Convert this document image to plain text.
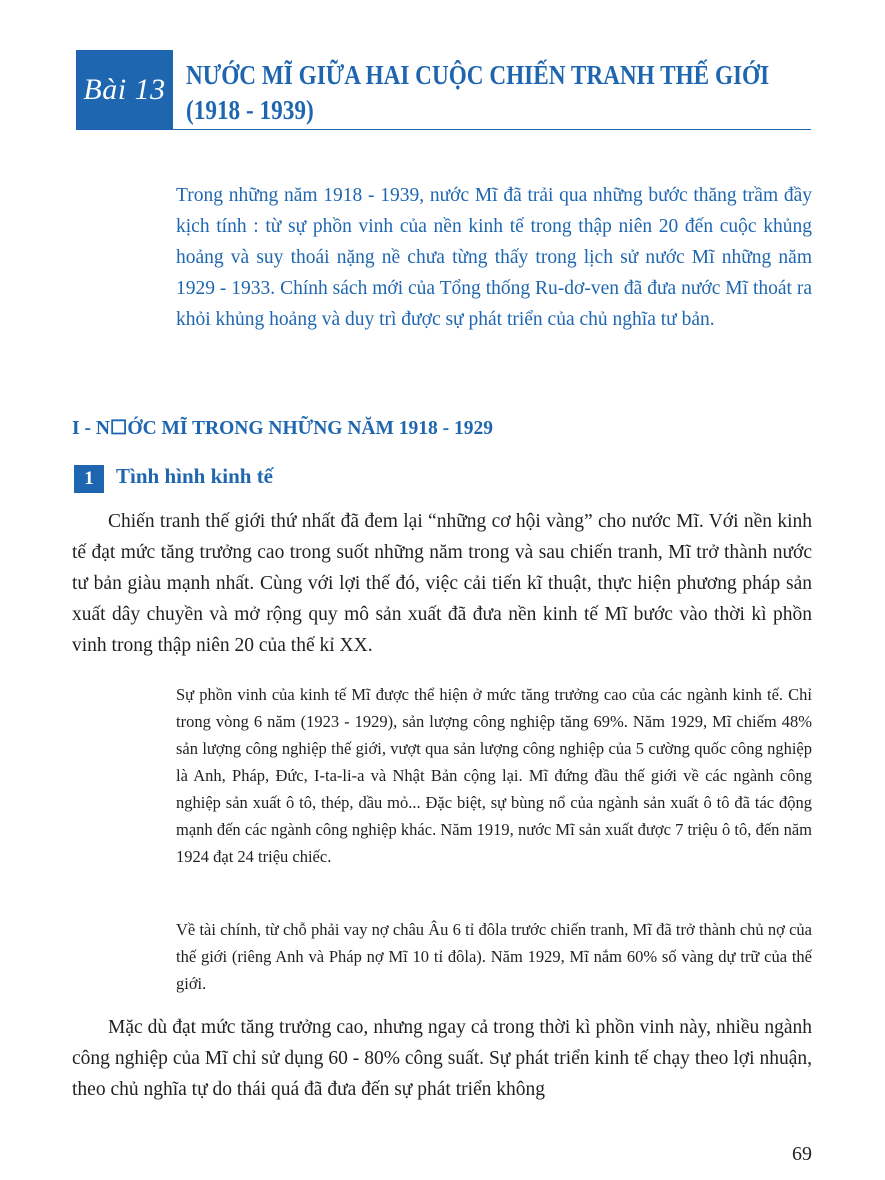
Bài 13 NƯỚC MĨ GIỮA HAI CUỘC CHIẾN TRANH THẾ GIỚI
(1918 - 1939)

Trong những năm 1918 - 1939, nước Mĩ đã trải qua những bước thăng trầm đầy kịch tính : từ sự phồn vinh của nền kinh tế trong thập niên 20 đến cuộc khủng hoảng và suy thoái nặng nề chưa từng thấy trong lịch sử nước Mĩ những năm 1929 - 1933. Chính sách mới của Tổng thống Ru-dơ-ven đã đưa nước Mĩ thoát ra khỏi khủng hoảng và duy trì được sự phát triển của chủ nghĩa tư bản.

I - N☐ỚC MĨ TRONG NHỮNG NĂM 1918 - 1929
1	Tình hình kinh tế

Chiến tranh thế giới thứ nhất đã đem lại “những cơ hội vàng” cho nước Mĩ. Với nền kinh tế đạt mức tăng trưởng cao trong suốt những năm trong và sau chiến tranh, Mĩ trở thành nước tư bản giàu mạnh nhất. Cùng với lợi thế đó, việc cải tiến kĩ thuật, thực hiện phương pháp sản xuất dây chuyền và mở rộng quy mô sản xuất đã đưa nền kinh tế Mĩ bước vào thời kì phồn vinh trong thập niên 20 của thế kỉ XX.

Sự phồn vinh của kinh tế Mĩ được thể hiện ở mức tăng trưởng cao của các ngành kinh tế. Chỉ trong vòng 6 năm (1923 - 1929), sản lượng công nghiệp tăng 69%. Năm 1929, Mĩ chiếm 48% sản lượng công nghiệp thế giới, vượt qua sản lượng công nghiệp của 5 cường quốc công nghiệp là Anh, Pháp, Đức, I-ta-li-a và Nhật Bản cộng lại. Mĩ đứng đầu thế giới về các ngành công nghiệp sản xuất ô tô, thép, dầu mỏ... Đặc biệt, sự bùng nổ của ngành sản xuất ô tô đã tác động mạnh đến các ngành công nghiệp khác. Năm 1919, nước Mĩ sản xuất được 7 triệu ô tô, đến năm 1924 đạt 24 triệu chiếc.

Về tài chính, từ chỗ phải vay nợ châu Âu 6 tỉ đôla trước chiến tranh, Mĩ đã trở thành chủ nợ của thế giới (riêng Anh và Pháp nợ Mĩ 10 tỉ đôla). Năm 1929, Mĩ nắm 60% số vàng dự trữ của thế giới.

Mặc dù đạt mức tăng trưởng cao, nhưng ngay cả trong thời kì phồn vinh này, nhiều ngành công nghiệp của Mĩ chỉ sử dụng 60 - 80% công suất. Sự phát triển kinh tế chạy theo lợi nhuận, theo chủ nghĩa tự do thái quá đã đưa đến sự phát triển không

69
